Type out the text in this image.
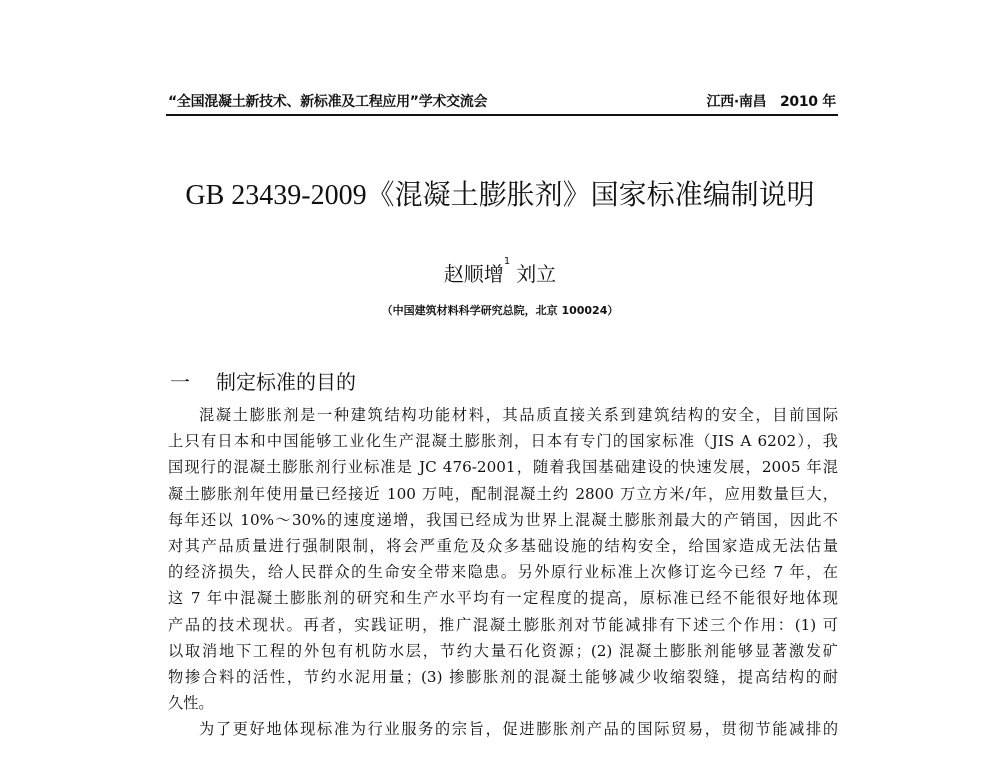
“全国混凝土新技术、新标准及工程应用”学术交流会	江西·南昌　2010 年
GB 23439-2009《混凝土膨胀剂》国家标准编制说明
赵顺增$^1$刘立
（中国建筑材料科学研究总院，北京 100024）
一 制定标准的目的
混凝土膨胀剂是一种建筑结构功能材料，其品质直接关系到建筑结构的安全，目前国际
上只有日本和中国能够工业化生产混凝土膨胀剂，日本有专门的国家标准（JIS A 6202），我
国现行的混凝土膨胀剂行业标准是 JC 476-2001，随着我国基础建设的快速发展，2005 年混
凝土膨胀剂年使用量已经接近 100 万吨，配制混凝土约 2800 万立方米/年，应用数量巨大，
每年还以 10%～30%的速度递增，我国已经成为世界上混凝土膨胀剂最大的产销国，因此不
对其产品质量进行强制限制，将会严重危及众多基础设施的结构安全，给国家造成无法估量
的经济损失，给人民群众的生命安全带来隐患。另外原行业标准上次修订迄今已经 7 年，在
这 7 年中混凝土膨胀剂的研究和生产水平均有一定程度的提高，原标准已经不能很好地体现
产品的技术现状。再者，实践证明，推广混凝土膨胀剂对节能减排有下述三个作用：(1) 可
以取消地下工程的外包有机防水层，节约大量石化资源；(2) 混凝土膨胀剂能够显著激发矿
物掺合料的活性，节约水泥用量；(3) 掺膨胀剂的混凝土能够减少收缩裂缝，提高结构的耐
久性。
为了更好地体现标准为行业服务的宗旨，促进膨胀剂产品的国际贸易，贯彻节能减排的
